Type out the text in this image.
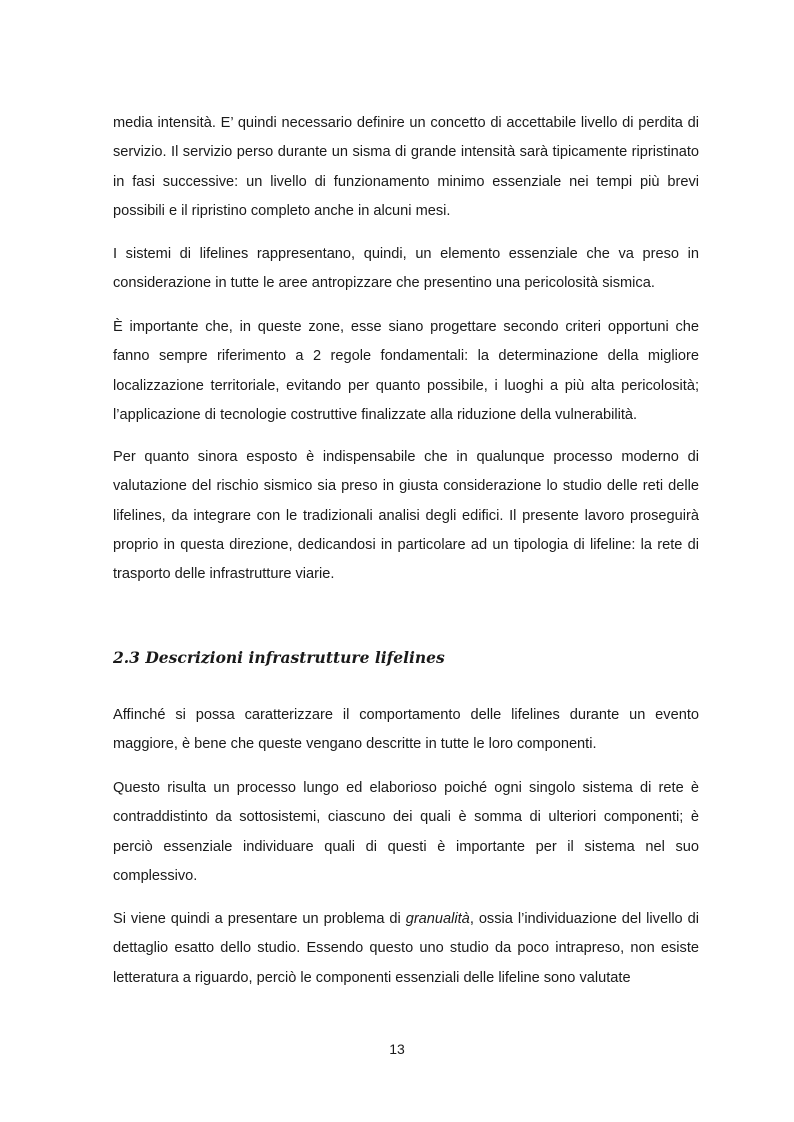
media intensità. E’ quindi necessario definire un concetto di accettabile livello di perdita di servizio. Il servizio perso durante un sisma di grande intensità sarà tipicamente ripristinato in fasi successive: un livello di funzionamento minimo essenziale nei tempi più brevi possibili e il ripristino completo anche in alcuni mesi.

I sistemi di lifelines rappresentano, quindi, un elemento essenziale che va preso in considerazione in tutte le aree antropizzare che presentino una pericolosità sismica.

È importante che, in queste zone, esse siano progettare secondo criteri opportuni che fanno sempre riferimento a 2 regole fondamentali: la determinazione della migliore localizzazione territoriale, evitando per quanto possibile, i luoghi a più alta pericolosità; l’applicazione di tecnologie costruttive finalizzate alla riduzione della vulnerabilità.

Per quanto sinora esposto è indispensabile che in qualunque processo moderno di valutazione del rischio sismico sia preso in giusta considerazione lo studio delle reti delle lifelines, da integrare con le tradizionali analisi degli edifici. Il presente lavoro proseguirà proprio in questa direzione, dedicandosi in particolare ad un tipologia di lifeline: la rete di trasporto delle infrastrutture viarie.

2.3 Descrizioni infrastrutture lifelines

Affinché si possa caratterizzare il comportamento delle lifelines durante un evento maggiore, è bene che queste vengano descritte in tutte le loro componenti.

Questo risulta un processo lungo ed elaborioso poiché ogni singolo sistema di rete è contraddistinto da sottosistemi, ciascuno dei quali è somma di ulteriori componenti; è perciò essenziale individuare quali di questi è importante per il sistema nel suo complessivo.

Si viene quindi a presentare un problema di granualità, ossia l’individuazione del livello di dettaglio esatto dello studio. Essendo questo uno studio da poco intrapreso, non esiste letteratura a riguardo, perciò le componenti essenziali delle lifeline sono valutate

13
